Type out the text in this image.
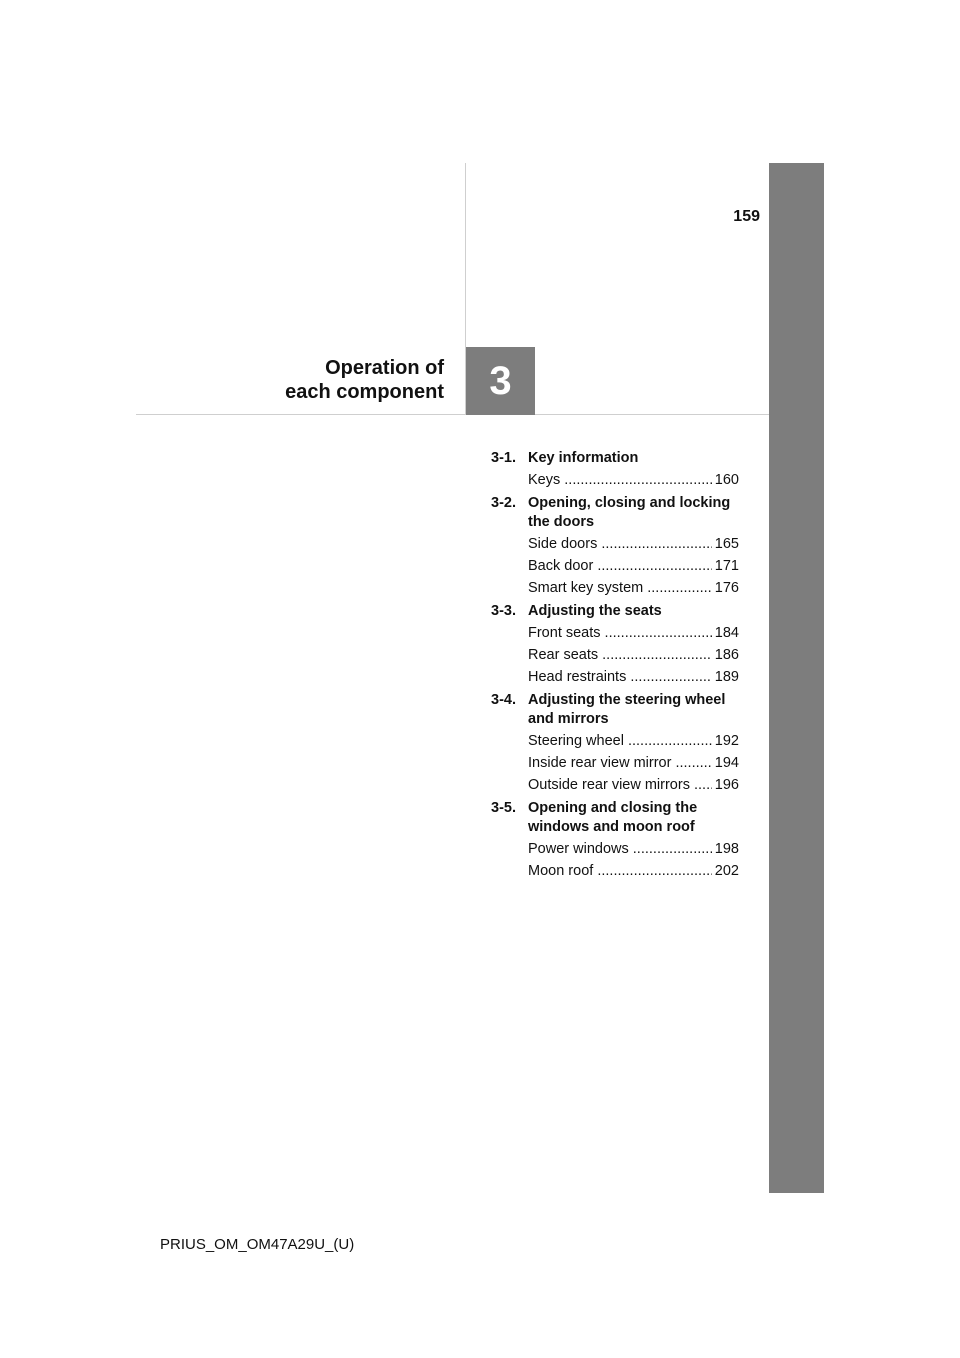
159
Operation of
each component	3
3-1. Key information
Keys .....	160
3-2. Opening, closing and locking the doors
Side doors .....	165
Back door .....	171
Smart key system .....	176
3-3. Adjusting the seats
Front seats .....	184
Rear seats .....	186
Head restraints .....	189
3-4. Adjusting the steering wheel and mirrors
Steering wheel .....	192
Inside rear view mirror .....	194
Outside rear view mirrors .....	196
3-5. Opening and closing the windows and moon roof
Power windows .....	198
Moon roof .....	202
PRIUS_OM_OM47A29U_(U)
